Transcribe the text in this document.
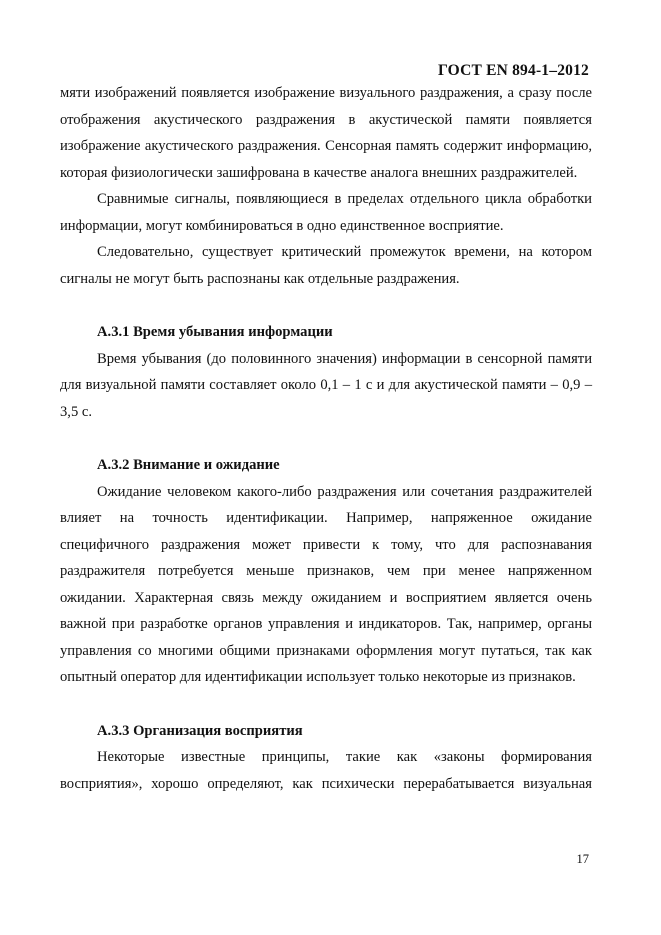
ГОСТ EN 894-1–2012

мяти изображений появляется изображение визуального раздражения, а сразу после отображения акустического раздражения в акустической памяти появляется изображение акустического раздражения. Сенсорная память содержит информацию, которая физиологически зашифрована в качестве аналога внешних раздражителей.

Сравнимые сигналы, появляющиеся в пределах отдельного цикла обработки информации, могут комбинироваться в одно единственное восприятие.

Следовательно, существует критический промежуток времени, на котором сигналы не могут быть распознаны как отдельные раздражения.

А.3.1 Время убывания информации

Время убывания (до половинного значения) информации в сенсорной памяти для визуальной памяти составляет около 0,1 – 1 с и для акустической памяти – 0,9 – 3,5 с.

А.3.2 Внимание и ожидание

Ожидание человеком какого-либо раздражения или сочетания раздражителей влияет на точность идентификации. Например, напряженное ожидание специфичного раздражения может привести к тому, что для распознавания раздражителя потребуется меньше признаков, чем при менее напряженном ожидании. Характерная связь между ожиданием и восприятием является очень важной при разработке органов управления и индикаторов. Так, например, органы управления со многими общими признаками оформления могут путаться, так как опытный оператор для идентификации использует только некоторые из признаков.

А.3.3 Организация восприятия

Некоторые известные принципы, такие как «законы формирования восприятия», хорошо определяют, как психически перерабатывается визуальная

17
